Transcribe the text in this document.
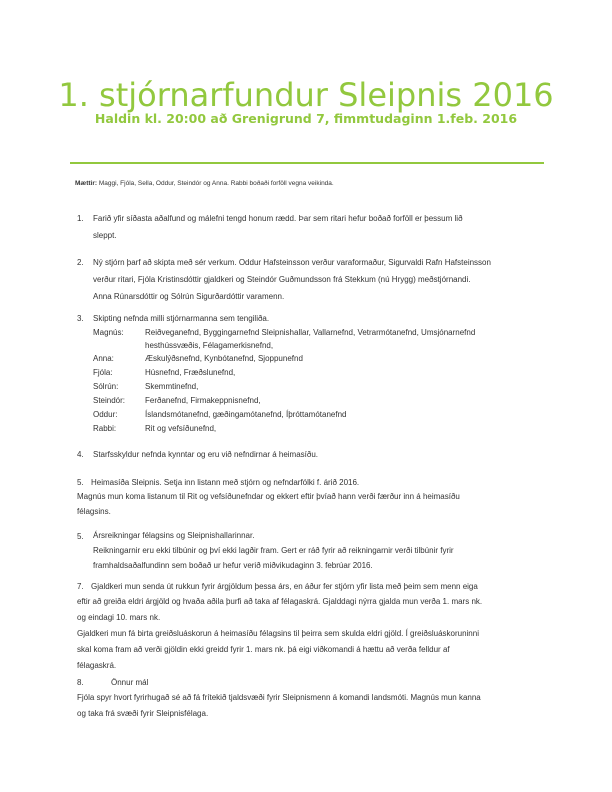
1. stjórnarfundur Sleipnis 2016
Haldin kl. 20:00 að Grenigrund 7, fimmtudaginn 1.feb. 2016
Mættir: Maggi, Fjóla, Sella, Oddur, Steindór og Anna. Rabbi boðaði forföll vegna veikinda.
1. Farið yfir síðasta aðalfund og málefni tengd honum rædd. Þar sem ritari hefur boðað forföll er þessum lið
sleppt.
2. Ný stjórn þarf að skipta með sér verkum. Oddur Hafsteinsson verður varaformaður, Sigurvaldi Rafn Hafsteinsson
verður ritari, Fjóla Kristinsdóttir gjaldkeri og Steindór Guðmundsson frá Stekkum (nú Hrygg) meðstjórnandi.
Anna Rúnarsdóttir og Sólrún Sigurðardóttir varamenn.
3. Skipting nefnda milli stjórnarmanna sem tengiliða.
Magnús:	Reiðveganefnd, Byggingarnefnd Sleipnishallar, Vallarnefnd, Vetrarmótanefnd, Umsjónarnefnd
hesthússvæðis, Félagamerkisnefnd,
Anna:	Æskulýðsnefnd, Kynbótanefnd, Sjoppunefnd
Fjóla:	Húsnefnd, Fræðslunefnd,
Sólrún:	Skemmtinefnd,
Steindór: Ferðanefnd, Firmakeppnisnefnd,
Oddur:	Íslandsmótanefnd, gæðingamótanefnd, Íþróttamótanefnd
Rabbi:	Rit og vefsíðunefnd,
4. Starfsskyldur nefnda kynntar og eru við nefndirnar á heimasíðu.
5. Heimasíða Sleipnis. Setja inn listann með stjórn og nefndarfólki f. árið 2016.
Magnús mun koma listanum til Rit og vefsíðunefndar og ekkert eftir þvíað hann verði færður inn á heimasíðu
félagsins.
5. Ársreikningar félagsins og Sleipnishallarinnar.
Reikningarnir eru ekki tilbúnir og því ekki lagðir fram. Gert er ráð fyrir að reikningarnir verði tilbúnir fyrir
framhaldsaðalfundinn sem boðað ur hefur verið miðvikudaginn 3. febrúar 2016.
7. Gjaldkeri mun senda út rukkun fyrir árgjöldum þessa árs, en áður fer stjórn yfir lista með þeim sem menn eiga
eftir að greiða eldri árgjöld og hvaða aðila þurfi að taka af félagaskrá. Gjalddagi nýrra gjalda mun verða 1. mars nk.
og eindagi 10. mars nk.
Gjaldkeri mun fá birta greiðsluáskorun á heimasíðu félagsins til þeirra sem skulda eldri gjöld. Í greiðsluáskoruninni
skal koma fram að verði gjöldin ekki greidd fyrir 1. mars nk. þá eigi viðkomandi á hættu að verða felldur af
félagaskrá.
8.	Önnur mál
Fjóla spyr hvort fyrirhugað sé að fá frítekið tjaldsvæði fyrir Sleipnismenn á komandi landsmóti. Magnús mun kanna
og taka frá svæði fyrir Sleipnisfélaga.
